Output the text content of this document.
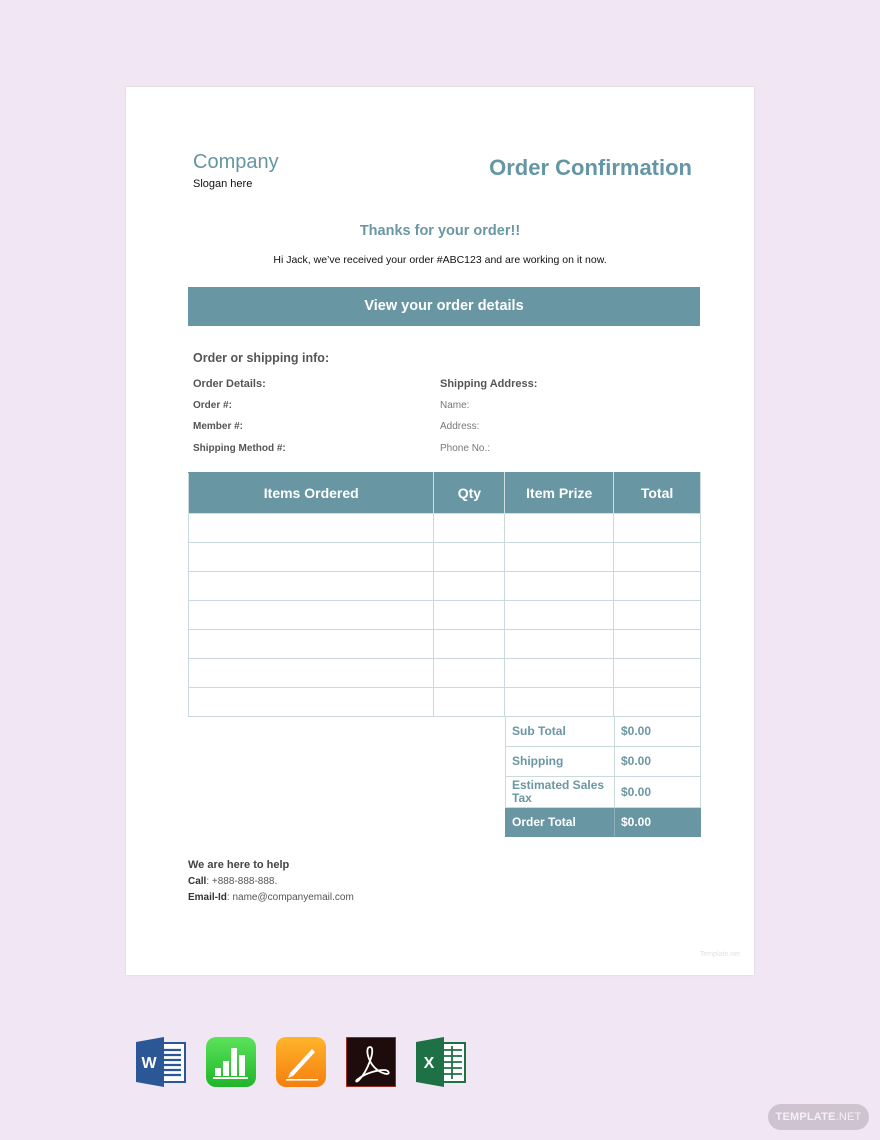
Company
Slogan here
Order Confirmation
Thanks for your order!!
Hi Jack, we’ve received your order #ABC123 and are working on it now.
View your order details
Order or shipping info:
Order Details:
Order #:
Member #:
Shipping Method #:
Shipping Address:
Name:
Address:
Phone No.:
Items Ordered	Qty	Item Prize	Total

Sub Total	$0.00
Shipping	$0.00
Estimated Sales Tax	$0.00
Order Total	$0.00
We are here to help
Call: +888-888-888.
Email-Id: name@companyemail.com
Template.net
W	X
TEMPLATE.NET
